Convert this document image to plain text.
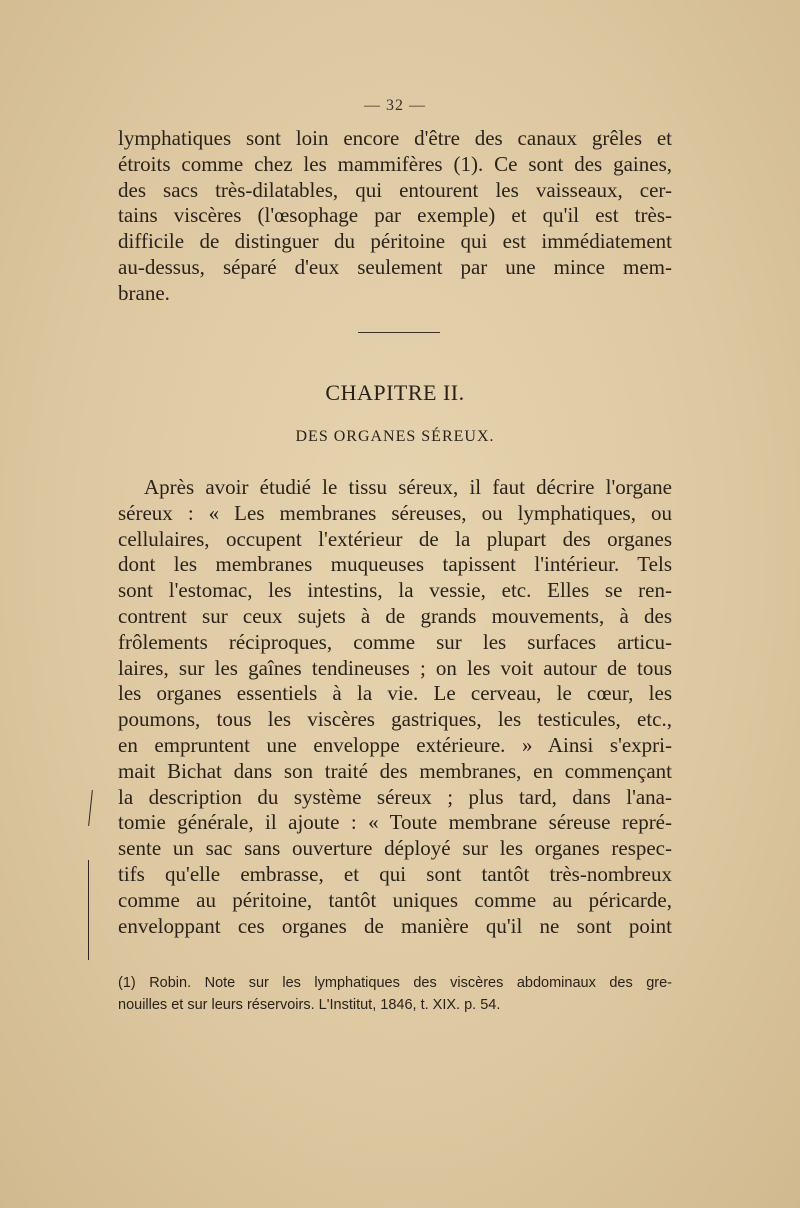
— 32 —

lymphatiques sont loin encore d'être des canaux grêles et
étroits comme chez les mammifères (1). Ce sont des gaines,
des sacs très-dilatables, qui entourent les vaisseaux, cer-
tains viscères (l'œsophage par exemple) et qu'il est très-
difficile de distinguer du péritoine qui est immédiatement
au-dessus, séparé d'eux seulement par une mince mem-
brane.

CHAPITRE II.
DES ORGANES SÉREUX.

Après avoir étudié le tissu séreux, il faut décrire l'organe
séreux : « Les membranes séreuses, ou lymphatiques, ou
cellulaires, occupent l'extérieur de la plupart des organes
dont les membranes muqueuses tapissent l'intérieur. Tels
sont l'estomac, les intestins, la vessie, etc. Elles se ren-
contrent sur ceux sujets à de grands mouvements, à des
frôlements réciproques, comme sur les surfaces articu-
laires, sur les gaînes tendineuses ; on les voit autour de tous
les organes essentiels à la vie. Le cerveau, le cœur, les
poumons, tous les viscères gastriques, les testicules, etc.,
en empruntent une enveloppe extérieure. » Ainsi s'expri-
mait Bichat dans son traité des membranes, en commençant
la description du système séreux ; plus tard, dans l'ana-
tomie générale, il ajoute : « Toute membrane séreuse repré-
sente un sac sans ouverture déployé sur les organes respec-
tifs qu'elle embrasse, et qui sont tantôt très-nombreux
comme au péritoine, tantôt uniques comme au péricarde,
enveloppant ces organes de manière qu'il ne sont point

(1) Robin. Note sur les lymphatiques des viscères abdominaux des gre-
nouilles et sur leurs réservoirs. L'Institut, 1846, t. XIX. p. 54.
